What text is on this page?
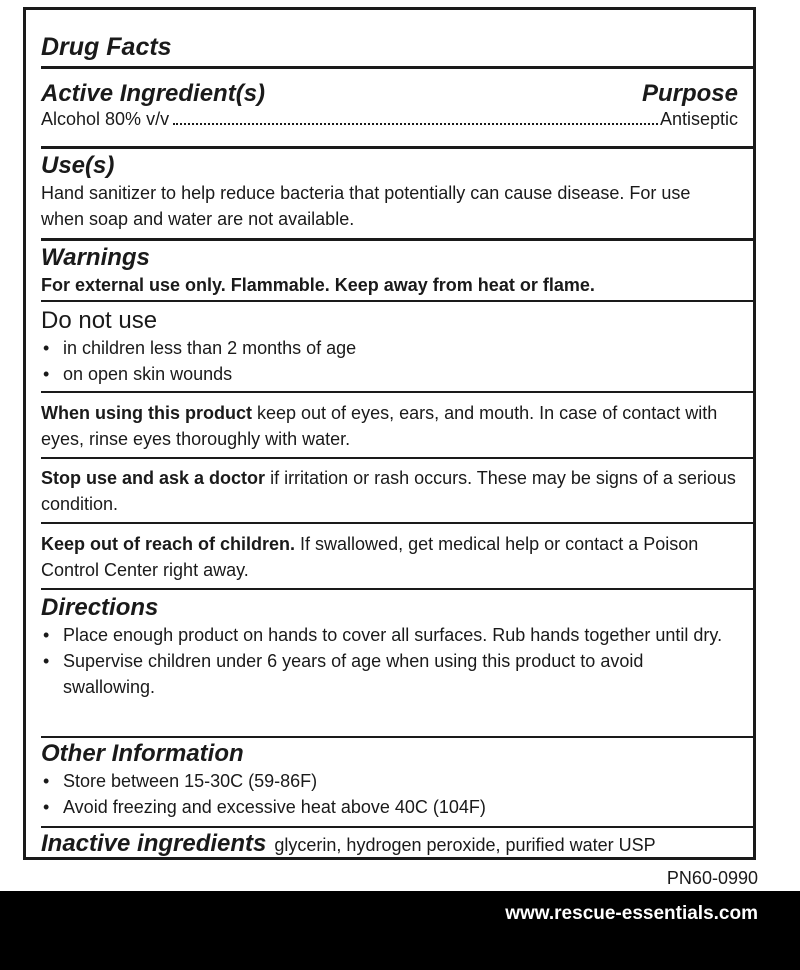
Drug Facts
Active Ingredient(s)	Purpose
Alcohol 80% v/v	Antiseptic
Use(s)
Hand sanitizer to help reduce bacteria that potentially can cause disease. For use when soap and water are not available.
Warnings
For external use only. Flammable. Keep away from heat or flame.
Do not use
• in children less than 2 months of age
• on open skin wounds
When using this product keep out of eyes, ears, and mouth. In case of contact with eyes, rinse eyes thoroughly with water.
Stop use and ask a doctor if irritation or rash occurs. These may be signs of a serious condition.
Keep out of reach of children. If swallowed, get medical help or contact a Poison Control Center right away.
Directions
• Place enough product on hands to cover all surfaces. Rub hands together until dry.
• Supervise children under 6 years of age when using this product to avoid swallowing.
Other Information
• Store between 15-30C (59-86F)
• Avoid freezing and excessive heat above 40C (104F)
Inactive ingredients glycerin, hydrogen peroxide, purified water USP
PN60-0990
www.rescue-essentials.com
